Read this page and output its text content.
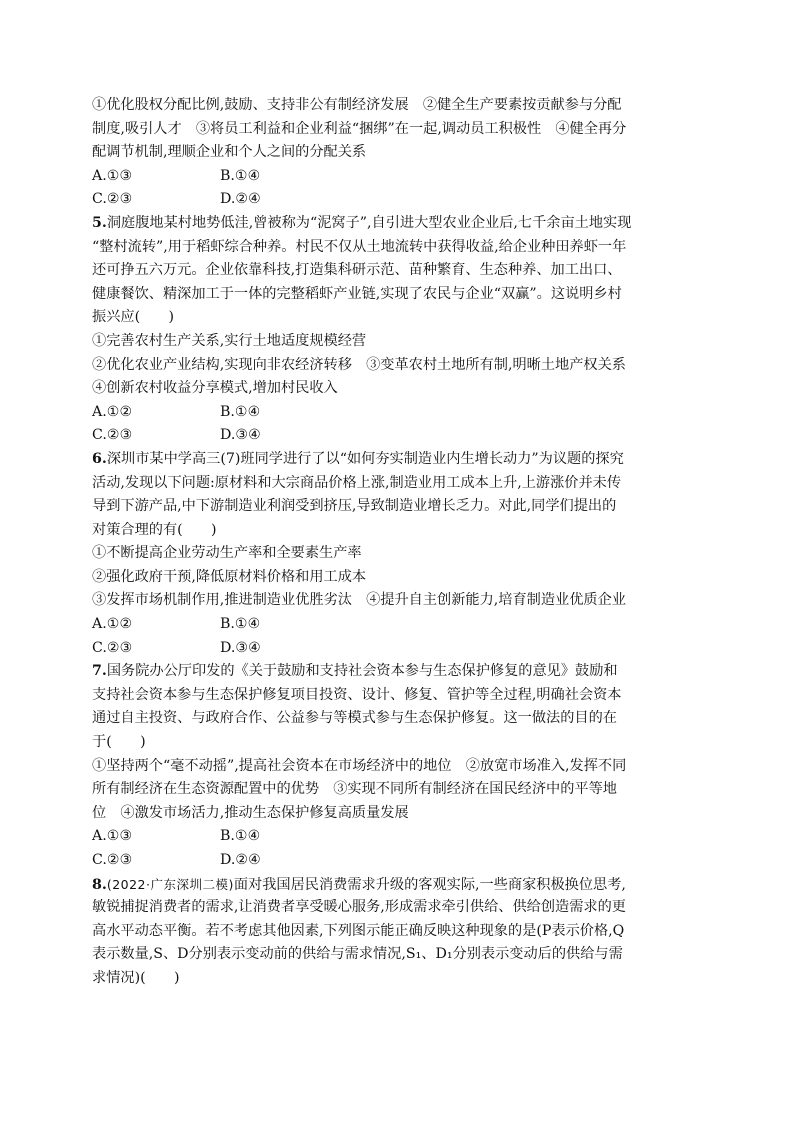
①优化股权分配比例,鼓励、支持非公有制经济发展　②健全生产要素按贡献参与分配
制度,吸引人才　③将员工利益和企业利益“捆绑”在一起,调动员工积极性　④健全再分
配调节机制,理顺企业和个人之间的分配关系
A.①③	B.①④
C.②③	D.②④
5.洞庭腹地某村地势低洼,曾被称为“泥窝子”,自引进大型农业企业后,七千余亩土地实现
“整村流转”,用于稻虾综合种养。村民不仅从土地流转中获得收益,给企业种田养虾一年
还可挣五六万元。企业依靠科技,打造集科研示范、苗种繁育、生态种养、加工出口、
健康餐饮、精深加工于一体的完整稻虾产业链,实现了农民与企业“双赢”。这说明乡村
振兴应(　　)
①完善农村生产关系,实行土地适度规模经营
②优化农业产业结构,实现向非农经济转移　③变革农村土地所有制,明晰土地产权关系
④创新农村收益分享模式,增加村民收入
A.①②	B.①④
C.②③	D.③④
6.深圳市某中学高三(7)班同学进行了以“如何夯实制造业内生增长动力”为议题的探究
活动,发现以下问题:原材料和大宗商品价格上涨,制造业用工成本上升,上游涨价并未传
导到下游产品,中下游制造业利润受到挤压,导致制造业增长乏力。对此,同学们提出的
对策合理的有(　　)
①不断提高企业劳动生产率和全要素生产率
②强化政府干预,降低原材料价格和用工成本
③发挥市场机制作用,推进制造业优胜劣汰　④提升自主创新能力,培育制造业优质企业
A.①②	B.①④
C.②③	D.③④
7.国务院办公厅印发的《关于鼓励和支持社会资本参与生态保护修复的意见》鼓励和
支持社会资本参与生态保护修复项目投资、设计、修复、管护等全过程,明确社会资本
通过自主投资、与政府合作、公益参与等模式参与生态保护修复。这一做法的目的在
于(　　)
①坚持两个“毫不动摇”,提高社会资本在市场经济中的地位　②放宽市场准入,发挥不同
所有制经济在生态资源配置中的优势　③实现不同所有制经济在国民经济中的平等地
位　④激发市场活力,推动生态保护修复高质量发展
A.①③	B.①④
C.②③	D.②④
8.(2022·广东深圳二模)面对我国居民消费需求升级的客观实际,一些商家积极换位思考,
敏锐捕捉消费者的需求,让消费者享受暖心服务,形成需求牵引供给、供给创造需求的更
高水平动态平衡。若不考虑其他因素,下列图示能正确反映这种现象的是(P表示价格,Q
表示数量,S、D分别表示变动前的供给与需求情况,S₁、D₁分别表示变动后的供给与需
求情况)(　　)
